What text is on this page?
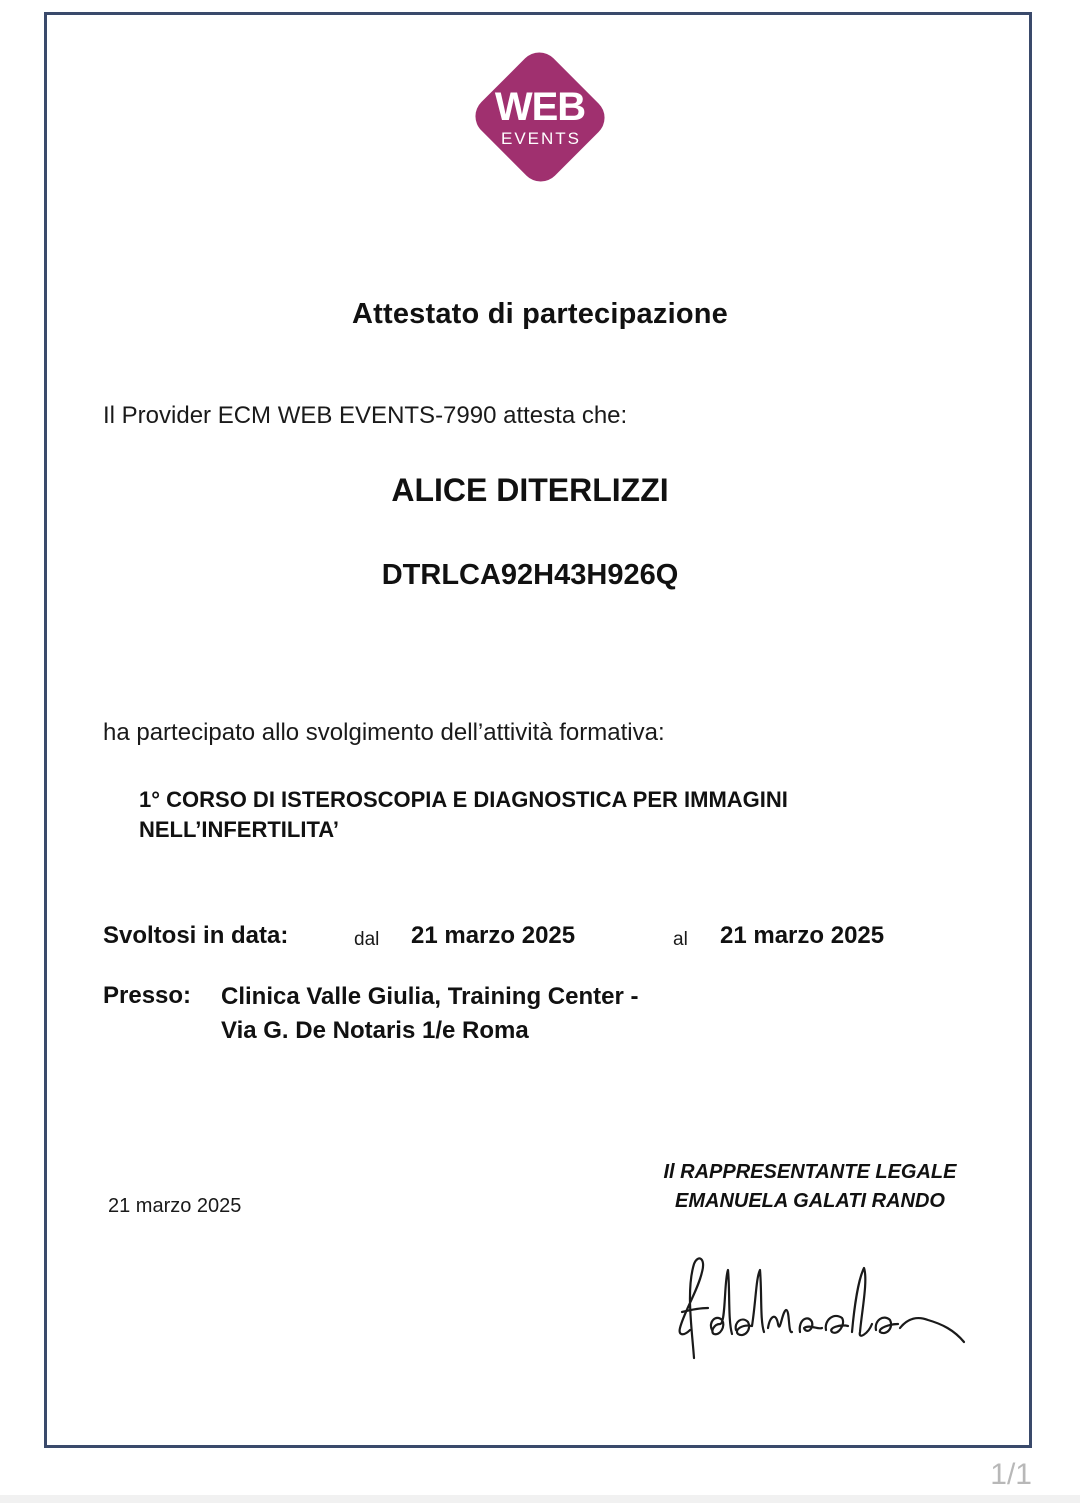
WEB
EVENTS
Attestato di partecipazione
Il Provider ECM WEB EVENTS-7990 attesta che:
ALICE DITERLIZZI
DTRLCA92H43H926Q
ha partecipato allo svolgimento dell’attività formativa:
1° CORSO DI ISTEROSCOPIA E DIAGNOSTICA PER IMMAGINI
NELL’INFERTILITA’
Svoltosi in data:	dal 21 marzo 2025	al 21 marzo 2025
Presso: Clinica Valle Giulia, Training Center -
Via G. De Notaris 1/e Roma
21 marzo 2025
Il RAPPRESENTANTE LEGALE
EMANUELA GALATI RANDO
1/1
